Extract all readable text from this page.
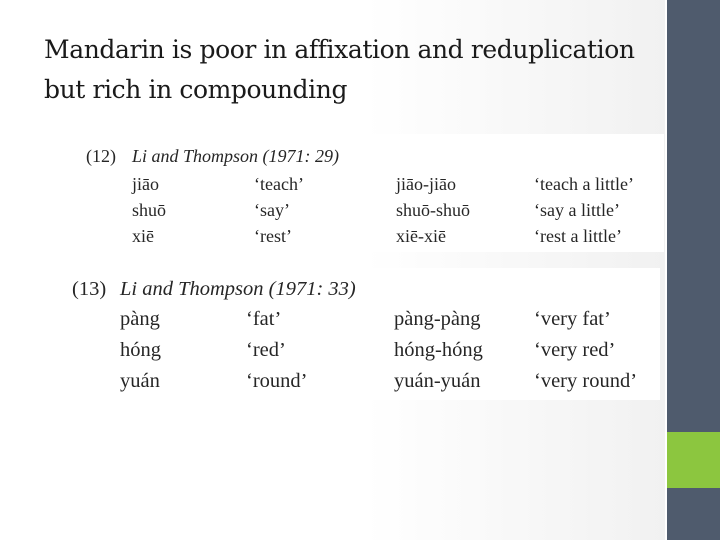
Mandarin is poor in affixation and reduplication but rich in compounding
(12) Li and Thompson (1971: 29)
jiāo	‘teach’	jiāo-jiāo	‘teach a little’
shuō	‘say’	shuō-shuō	‘say a little’
xiē	‘rest’	xiē-xiē	‘rest a little’
(13) Li and Thompson (1971: 33)
pàng	‘fat’	pàng-pàng	‘very fat’
hóng	‘red’	hóng-hóng ‘very red’
yuán	‘round’	yuán-yuán	‘very round’
